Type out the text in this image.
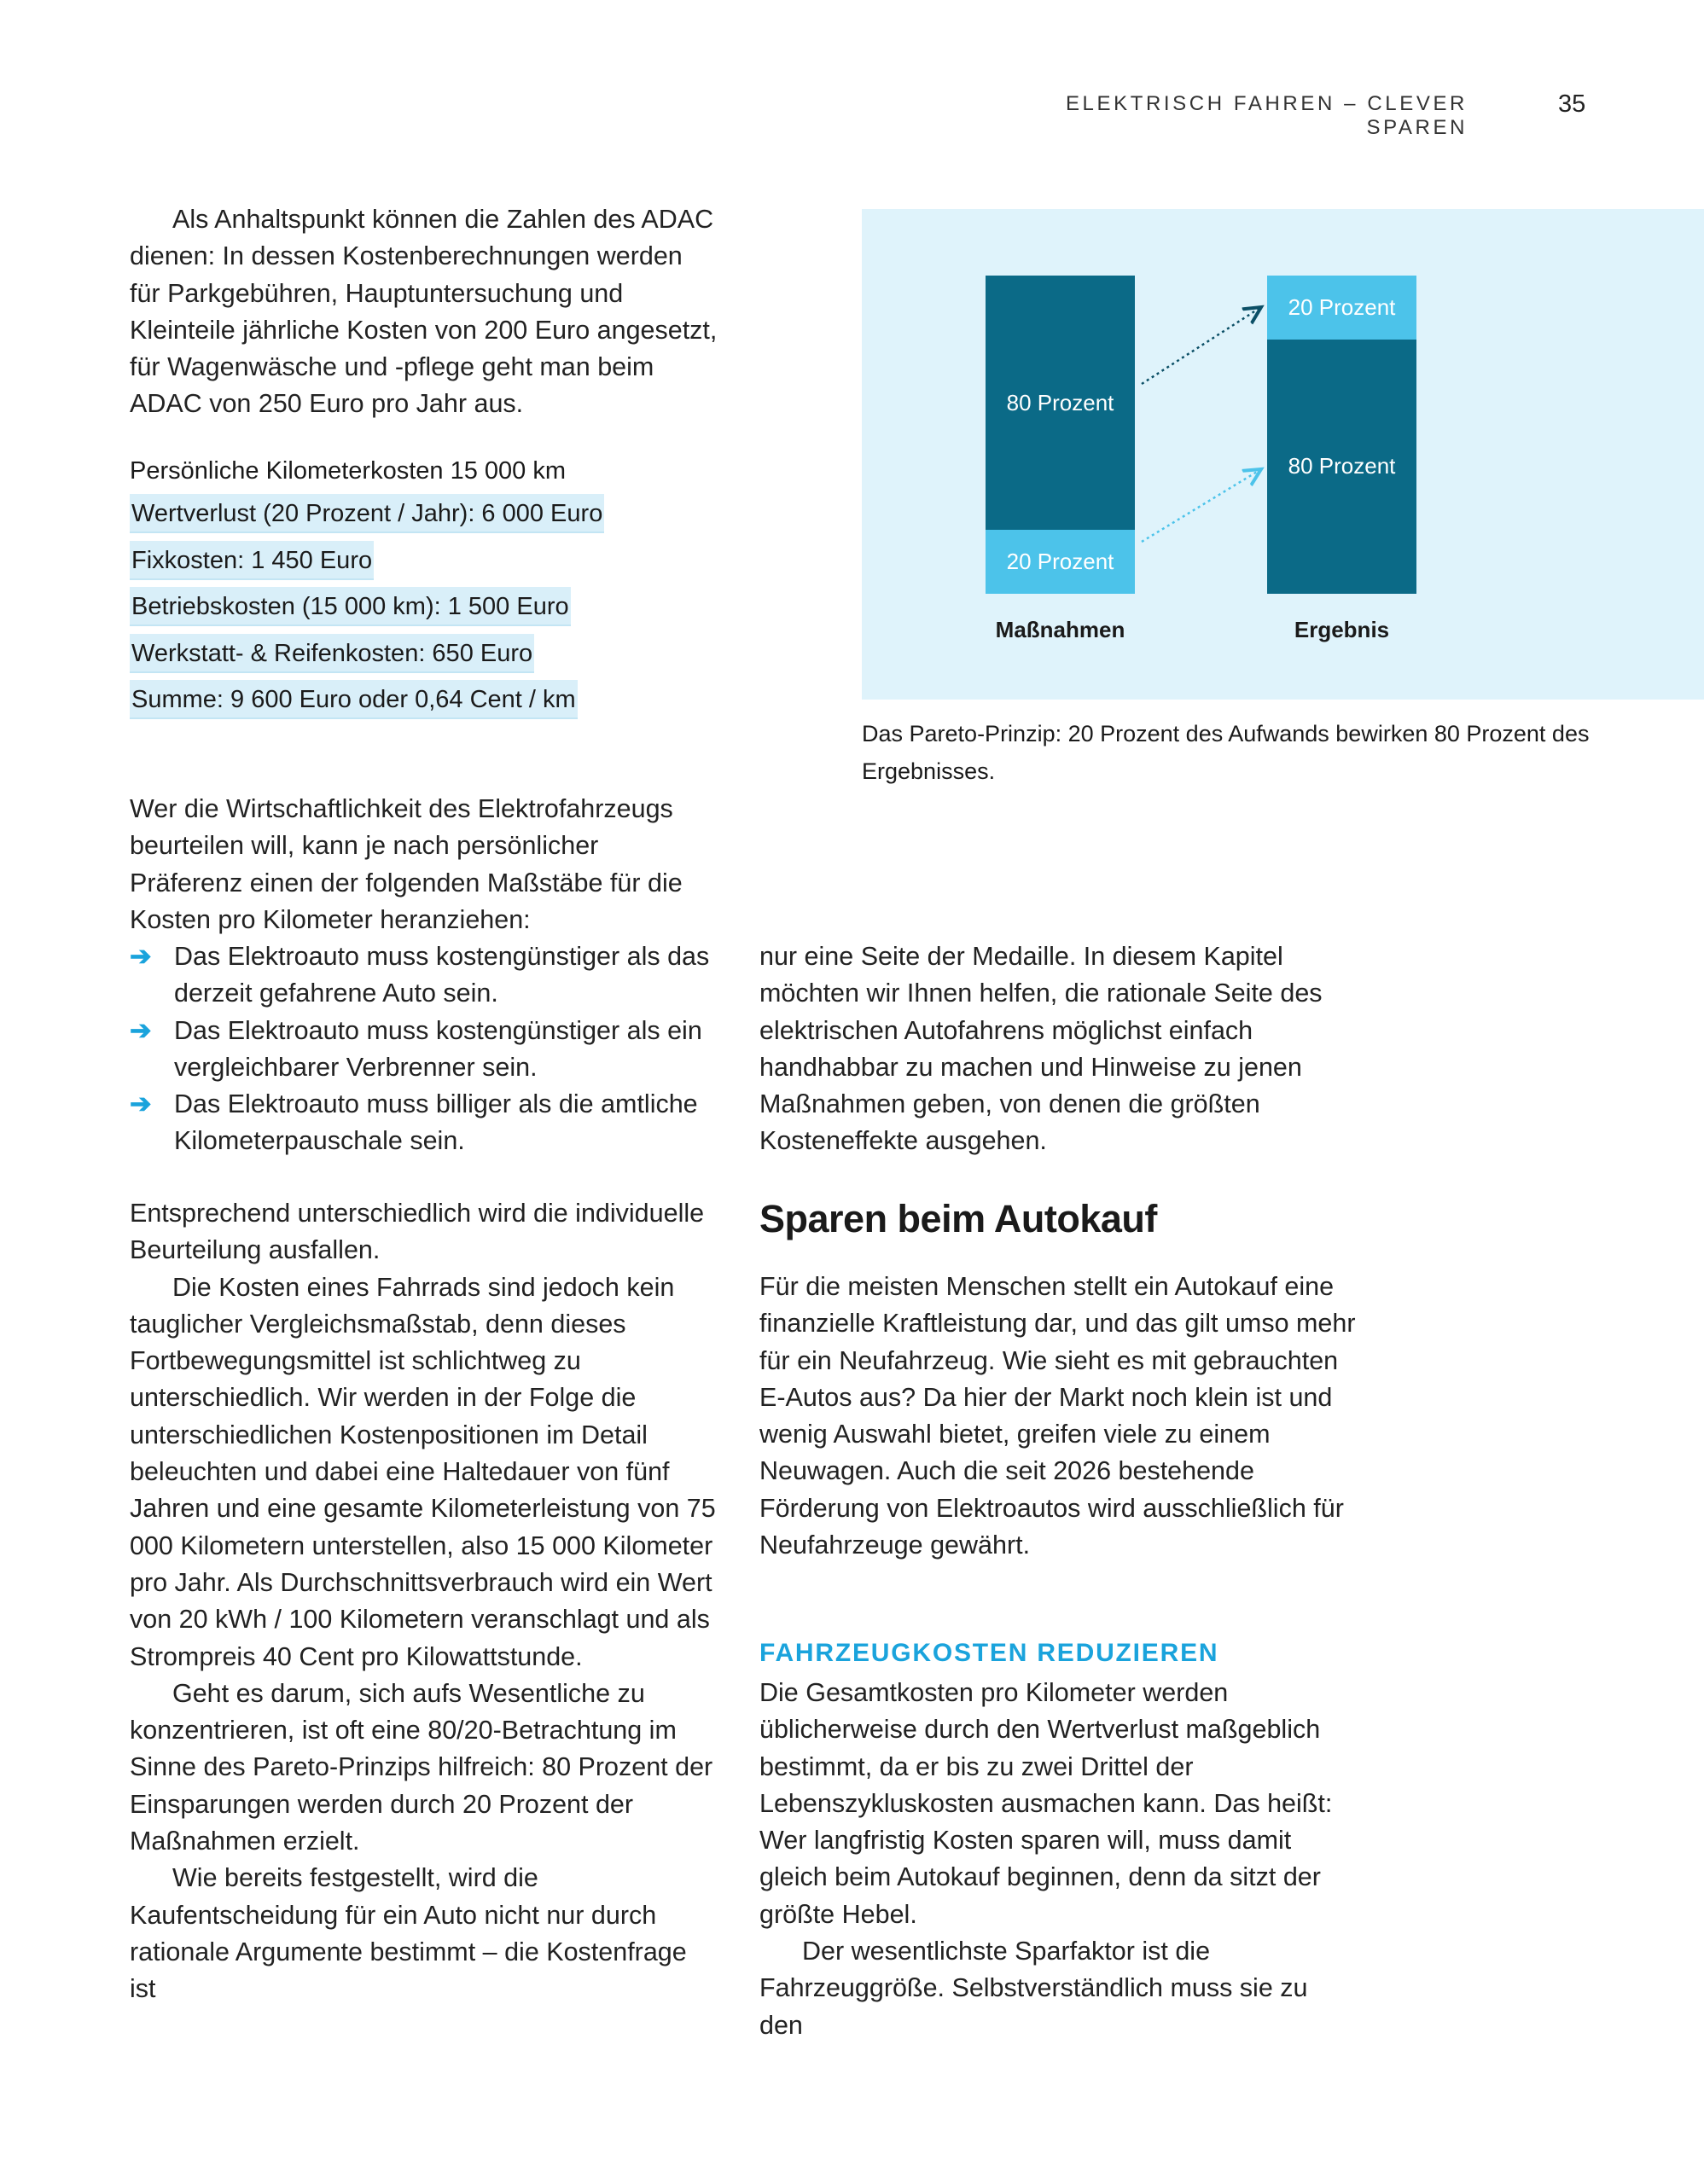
ELEKTRISCH FAHREN – CLEVER SPAREN
35

Als Anhaltspunkt können die Zahlen des ADAC dienen: In dessen Kostenberechnungen werden für Parkgebühren, Hauptuntersuchung und Kleinteile jährliche Kosten von 200 Euro angesetzt, für Wagenwäsche und -pflege geht man beim ADAC von 250 Euro pro Jahr aus.

Persönliche Kilometerkosten 15 000 km
Wertverlust (20 Prozent / Jahr): 6 000 Euro
Fixkosten: 1 450 Euro
Betriebskosten (15 000 km): 1 500 Euro
Werkstatt- & Reifenkosten: 650 Euro
Summe: 9 600 Euro oder 0,64 Cent / km

Wer die Wirtschaftlichkeit des Elektrofahrzeugs beurteilen will, kann je nach persönlicher Präferenz einen der folgenden Maßstäbe für die Kosten pro Kilometer heranziehen:

➔ Das Elektroauto muss kostengünstiger als das derzeit gefahrene Auto sein.
➔ Das Elektroauto muss kostengünstiger als ein vergleichbarer Verbrenner sein.
➔ Das Elektroauto muss billiger als die amtliche Kilometerpauschale sein.

Entsprechend unterschiedlich wird die individuelle Beurteilung ausfallen.

Die Kosten eines Fahrrads sind jedoch kein tauglicher Vergleichsmaßstab, denn dieses Fortbewegungsmittel ist schlichtweg zu unterschiedlich. Wir werden in der Folge die unterschiedlichen Kostenpositionen im Detail beleuchten und dabei eine Haltedauer von fünf Jahren und eine gesamte Kilometerleistung von 75 000 Kilometern unterstellen, also 15 000 Kilometer pro Jahr. Als Durchschnittsverbrauch wird ein Wert von 20 kWh / 100 Kilometern veranschlagt und als Strompreis 40 Cent pro Kilowattstunde.

Geht es darum, sich aufs Wesentliche zu konzentrieren, ist oft eine 80/20-Betrachtung im Sinne des Pareto-Prinzips hilfreich: 80 Prozent der Einsparungen werden durch 20 Prozent der Maßnahmen erzielt.

Wie bereits festgestellt, wird die Kaufentscheidung für ein Auto nicht nur durch rationale Argumente bestimmt – die Kostenfrage ist

80 Prozent
20 Prozent
20 Prozent
80 Prozent
Maßnahmen	Ergebnis
Das Pareto-Prinzip: 20 Prozent des Aufwands bewirken 80 Prozent des Ergebnisses.

nur eine Seite der Medaille. In diesem Kapitel möchten wir Ihnen helfen, die rationale Seite des elektrischen Autofahrens möglichst einfach handhabbar zu machen und Hinweise zu jenen Maßnahmen geben, von denen die größten Kosteneffekte ausgehen.

Sparen beim Autokauf

Für die meisten Menschen stellt ein Autokauf eine finanzielle Kraftleistung dar, und das gilt umso mehr für ein Neufahrzeug. Wie sieht es mit gebrauchten E-Autos aus? Da hier der Markt noch klein ist und wenig Auswahl bietet, greifen viele zu einem Neuwagen. Auch die seit 2026 bestehende Förderung von Elektroautos wird ausschließlich für Neufahrzeuge gewährt.

FAHRZEUGKOSTEN REDUZIEREN

Die Gesamtkosten pro Kilometer werden üblicherweise durch den Wertverlust maßgeblich bestimmt, da er bis zu zwei Drittel der Lebenszykluskosten ausmachen kann. Das heißt: Wer langfristig Kosten sparen will, muss damit gleich beim Autokauf beginnen, denn da sitzt der größte Hebel.

Der wesentlichste Sparfaktor ist die Fahrzeuggröße. Selbstverständlich muss sie zu den
